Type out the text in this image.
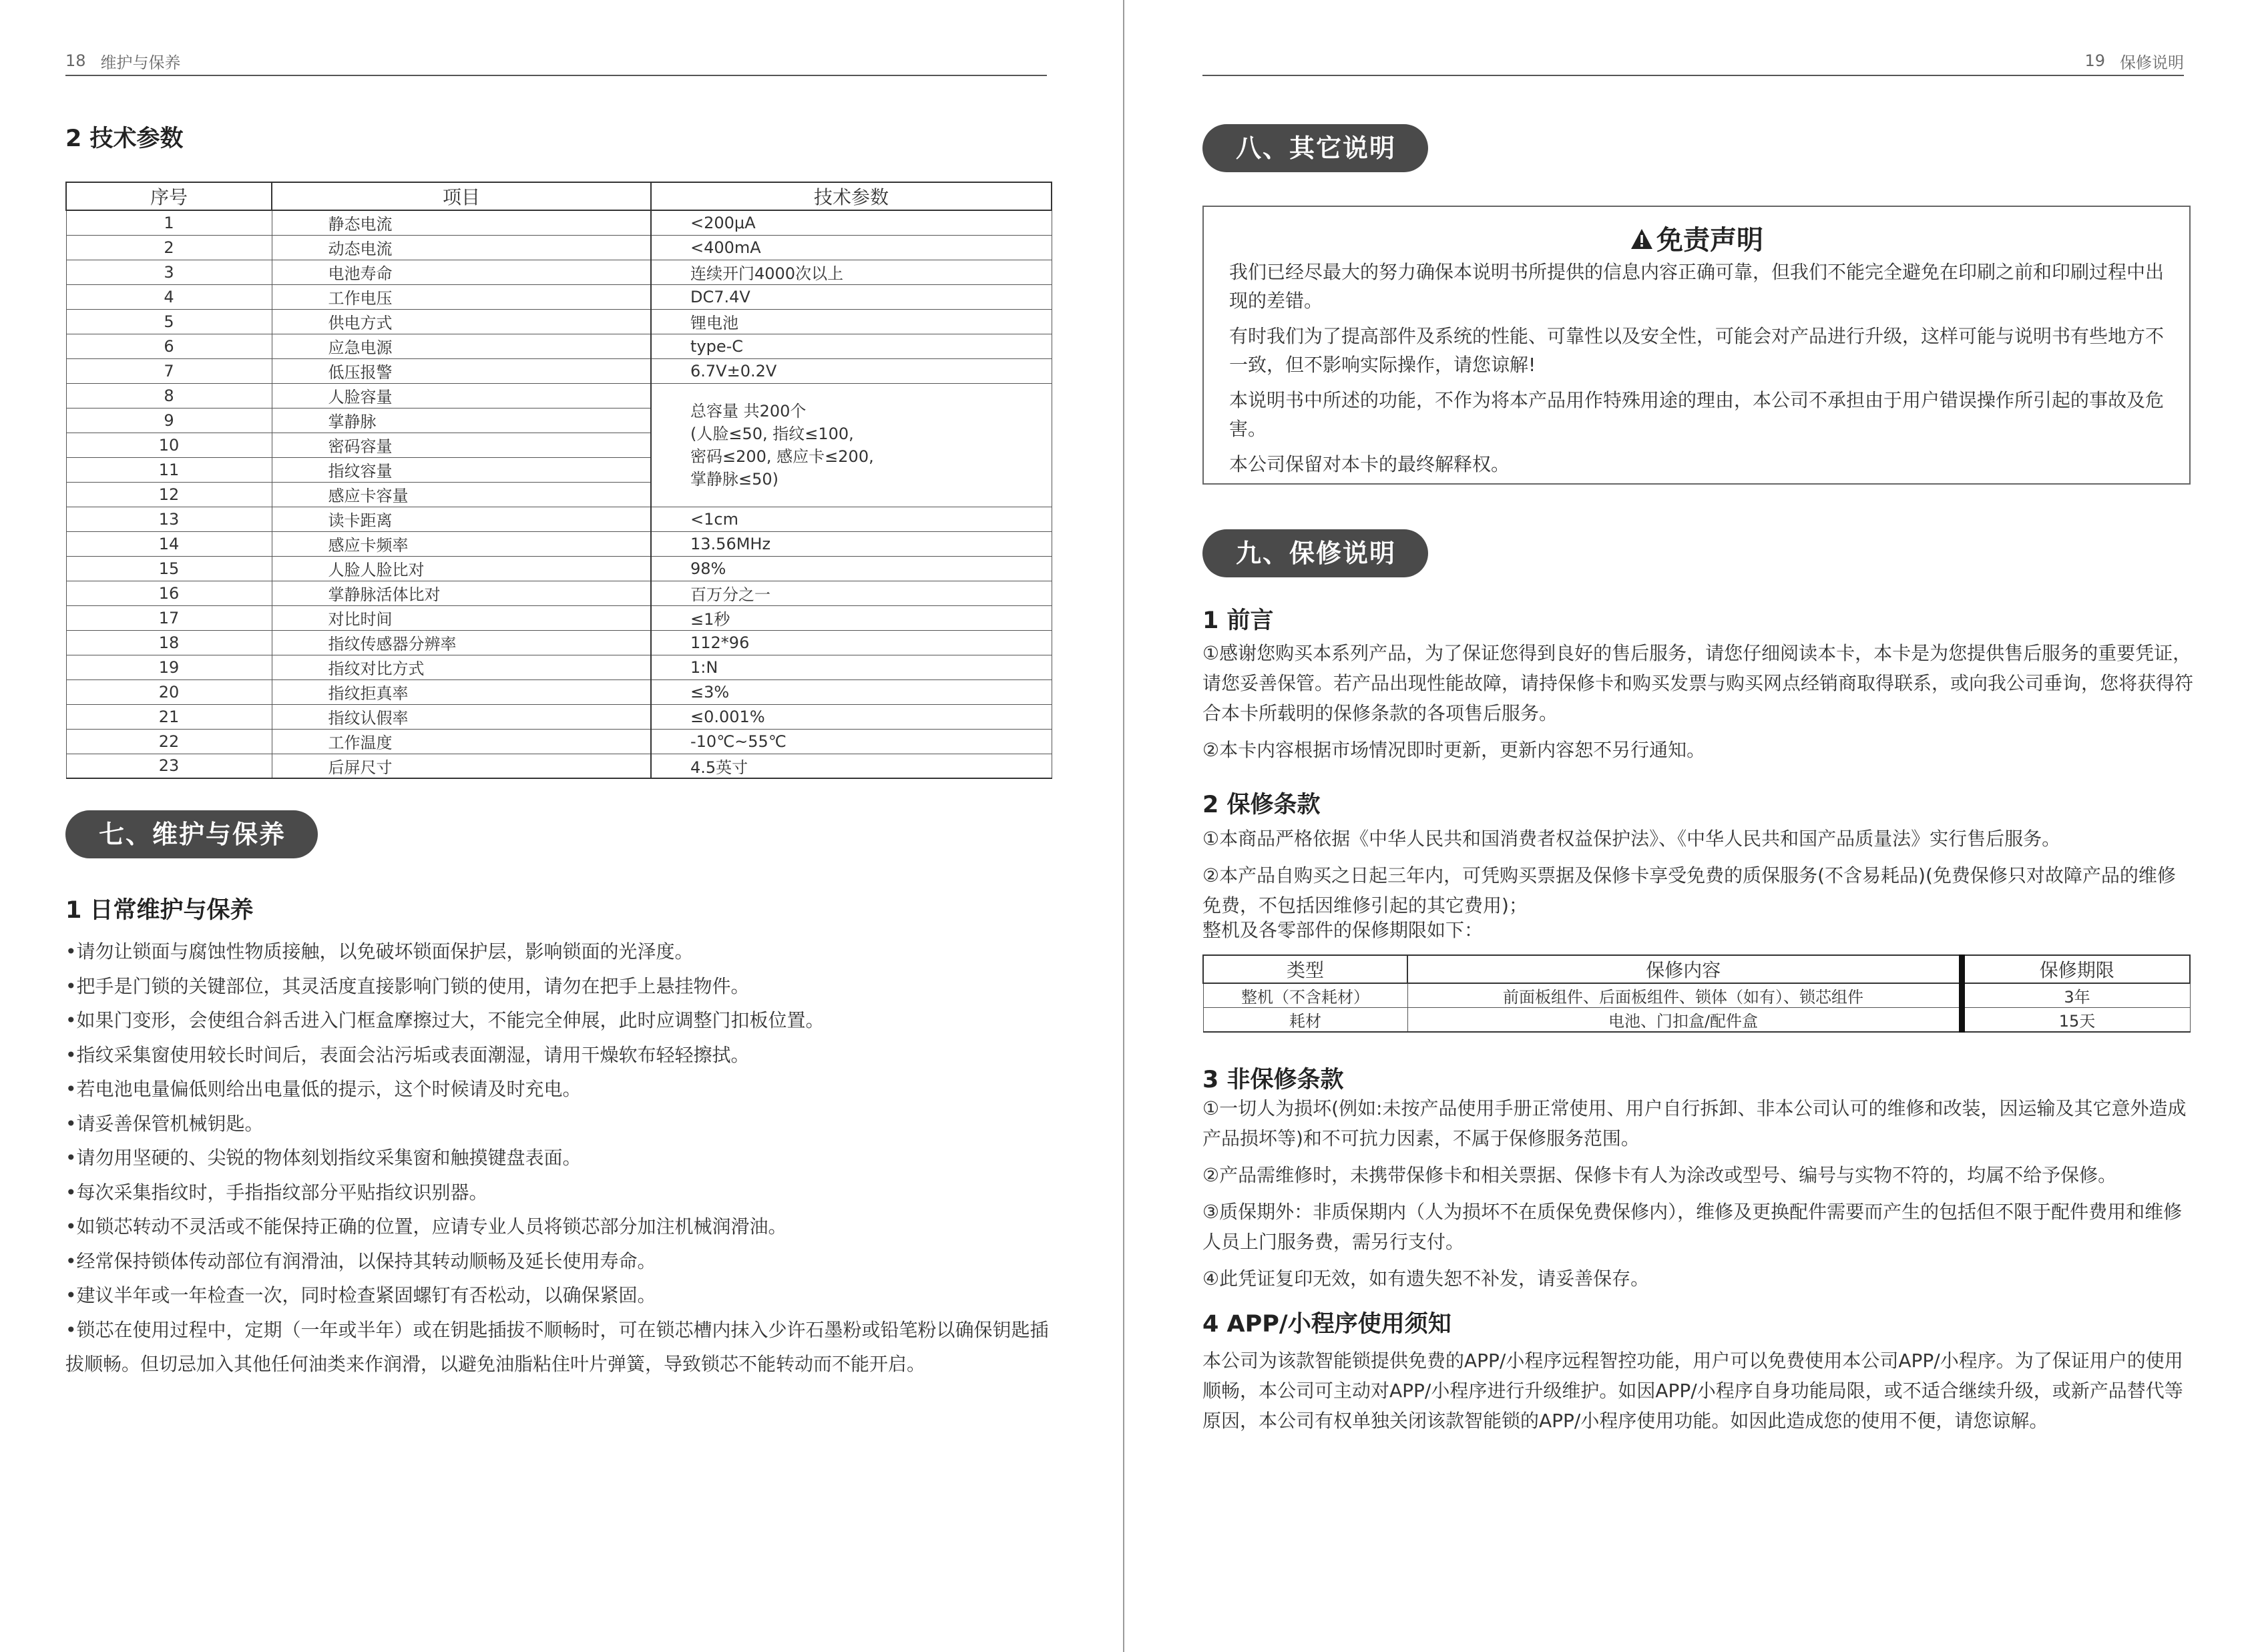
18 维护与保养
2 技术参数
序号	项目	技术参数
1	静态电流	<200μA
2	动态电流	<400mA
3	电池寿命	连续开门4000次以上
4	工作电压	DC7.4V
5	供电方式	锂电池
6	应急电源	type-C
7	低压报警	6.7V±0.2V
8	人脸容量	总容量 共200个
(人脸≤50, 指纹≤100,
密码≤200, 感应卡≤200,
掌静脉≤50)

9	掌静脉	
10	密码容量	
11	指纹容量	
12	感应卡容量	
13	读卡距离	<1cm
14	感应卡频率	13.56MHz
15	人脸人脸比对	98%
16	掌静脉活体比对	百万分之一
17	对比时间	≤1秒
18	指纹传感器分辨率	112*96
19	指纹对比方式	1:N
20	指纹拒真率	≤3%
21	指纹认假率	≤0.001%
22	工作温度	-10℃~55℃
23	后屏尺寸	4.5英寸
七、维护与保养
1 日常维护与保养

•请勿让锁面与腐蚀性物质接触，以免破坏锁面保护层，影响锁面的光泽度。

•把手是门锁的关键部位，其灵活度直接影响门锁的使用，请勿在把手上悬挂物件。

•如果门变形，会使组合斜舌进入门框盒摩擦过大，不能完全伸展，此时应调整门扣板位置。

•指纹采集窗使用较长时间后，表面会沾污垢或表面潮湿，请用干燥软布轻轻擦拭。

•若电池电量偏低则给出电量低的提示，这个时候请及时充电。

•请妥善保管机械钥匙。

•请勿用坚硬的、尖锐的物体刻划指纹采集窗和触摸键盘表面。

•每次采集指纹时，手指指纹部分平贴指纹识别器。

•如锁芯转动不灵活或不能保持正确的位置，应请专业人员将锁芯部分加注机械润滑油。

•经常保持锁体传动部位有润滑油，以保持其转动顺畅及延长使用寿命。

•建议半年或一年检查一次，同时检查紧固螺钉有否松动，以确保紧固。

•锁芯在使用过程中，定期（一年或半年）或在钥匙插拔不顺畅时，可在锁芯槽内抹入少许石墨粉或铅笔粉以确保钥匙插拔顺畅。但切忌加入其他任何油类来作润滑，以避免油脂粘住叶片弹簧，导致锁芯不能转动而不能开启。

19 保修说明
八、其它说明
免责声明

我们已经尽最大的努力确保本说明书所提供的信息内容正确可靠，但我们不能完全避免在印刷之前和印刷过程中出现的差错。

有时我们为了提高部件及系统的性能、可靠性以及安全性，可能会对产品进行升级，这样可能与说明书有些地方不一致，但不影响实际操作，请您谅解!

本说明书中所述的功能，不作为将本产品用作特殊用途的理由，本公司不承担由于用户错误操作所引起的事故及危害。

本公司保留对本卡的最终解释权。

九、保修说明
1 前言

①感谢您购买本系列产品，为了保证您得到良好的售后服务，请您仔细阅读本卡，本卡是为您提供售后服务的重要凭证，请您妥善保管。若产品出现性能故障，请持保修卡和购买发票与购买网点经销商取得联系，或向我公司垂询，您将获得符合本卡所载明的保修条款的各项售后服务。

②本卡内容根据市场情况即时更新，更新内容恕不另行通知。

2 保修条款

①本商品严格依据《中华人民共和国消费者权益保护法》、《中华人民共和国产品质量法》实行售后服务。

②本产品自购买之日起三年内，可凭购买票据及保修卡享受免费的质保服务(不含易耗品)(免费保修只对故障产品的维修免费，不包括因维修引起的其它费用)；

整机及各零部件的保修期限如下：
类型	保修内容	保修期限
整机（不含耗材）	前面板组件、后面板组件、锁体（如有）、锁芯组件	3年
耗材	电池、门扣盒/配件盒	15天
3 非保修条款

①一切人为损坏(例如:未按产品使用手册正常使用、用户自行拆卸、非本公司认可的维修和改装，因运输及其它意外造成产品损坏等)和不可抗力因素，不属于保修服务范围。

②产品需维修时，未携带保修卡和相关票据、保修卡有人为涂改或型号、编号与实物不符的，均属不给予保修。

③质保期外：非质保期内（人为损坏不在质保免费保修内），维修及更换配件需要而产生的包括但不限于配件费用和维修人员上门服务费，需另行支付。

④此凭证复印无效，如有遗失恕不补发，请妥善保存。

4 APP/小程序使用须知
本公司为该款智能锁提供免费的APP/小程序远程智控功能，用户可以免费使用本公司APP/小程序。为了保证用户的使用顺畅，本公司可主动对APP/小程序进行升级维护。如因APP/小程序自身功能局限，或不适合继续升级，或新产品替代等原因，本公司有权单独关闭该款智能锁的APP/小程序使用功能。如因此造成您的使用不便，请您谅解。
